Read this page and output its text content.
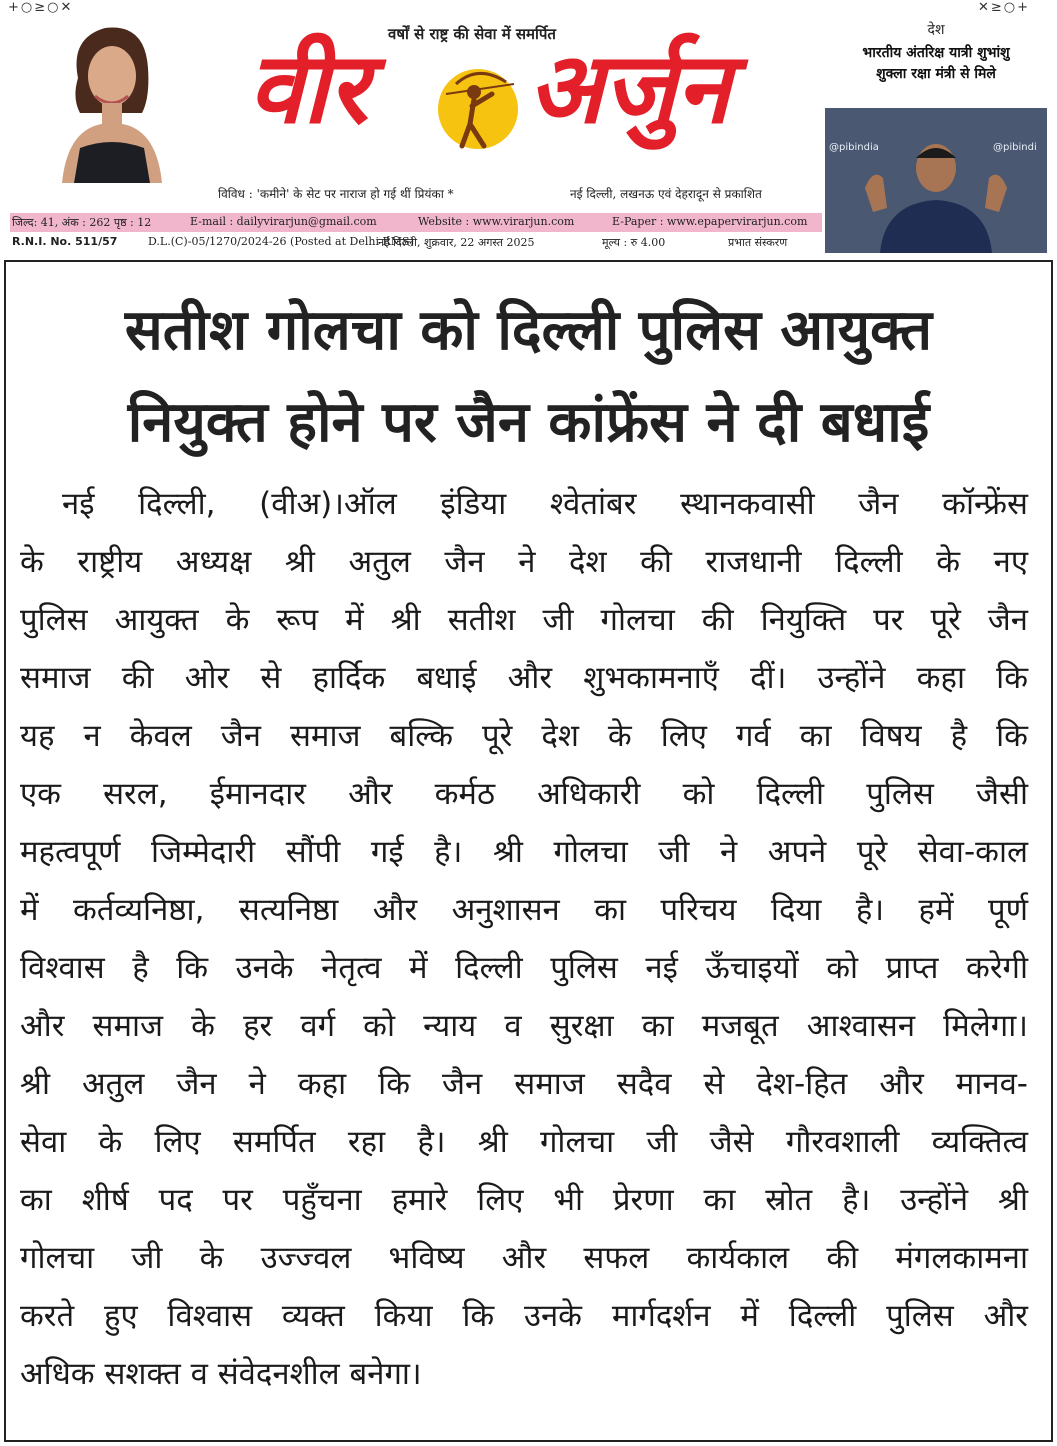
+○≥○✕	✕≥○+
वर्षों से राष्ट्र की सेवा में समर्पित
वीर अर्जुन
विविध : 'कमीने' के सेट पर नाराज हो गई थीं प्रियंका *	नई दिल्ली, लखनऊ एवं देहरादून से प्रकाशित
देश
भारतीय अंतरिक्ष यात्री शुभांशु
शुक्ला रक्षा मंत्री से मिले
@pibindia	@pibindi
जिल्द: 41, अंक : 262 पृष्ठ : 12	E-mail : dailyvirarjun@gmail.com	Website : www.virarjun.com	E-Paper : www.epapervirarjun.com
R.N.I. No. 511/57	D.L.(C)-05/1270/2024-26 (Posted at Delhi RMS)
नई दिल्ली, शुक्रवार, 22 अगस्त 2025	मूल्य : रु 4.00	प्रभात संस्करण
सतीश गोलचा को दिल्ली पुलिस आयुक्त
नियुक्त होने पर जैन कांफ्रेंस ने दी बधाई
नई दिल्ली, (वीअ)।ऑल इंडिया श्वेतांबर स्थानकवासी जैन कॉन्फ्रेंस
के राष्ट्रीय अध्यक्ष श्री अतुल जैन ने देश की राजधानी दिल्ली के नए
पुलिस आयुक्त के रूप में श्री सतीश जी गोलचा की नियुक्ति पर पूरे जैन
समाज की ओर से हार्दिक बधाई और शुभकामनाएँ दीं। उन्होंने कहा कि
यह न केवल जैन समाज बल्कि पूरे देश के लिए गर्व का विषय है कि
एक सरल, ईमानदार और कर्मठ अधिकारी को दिल्ली पुलिस जैसी
महत्वपूर्ण जिम्मेदारी सौंपी गई है। श्री गोलचा जी ने अपने पूरे सेवा-काल
में कर्तव्यनिष्ठा, सत्यनिष्ठा और अनुशासन का परिचय दिया है। हमें पूर्ण
विश्वास है कि उनके नेतृत्व में दिल्ली पुलिस नई ऊँचाइयों को प्राप्त करेगी
और समाज के हर वर्ग को न्याय व सुरक्षा का मजबूत आश्वासन मिलेगा।
श्री अतुल जैन ने कहा कि जैन समाज सदैव से देश-हित और मानव-
सेवा के लिए समर्पित रहा है। श्री गोलचा जी जैसे गौरवशाली व्यक्तित्व
का शीर्ष पद पर पहुँचना हमारे लिए भी प्रेरणा का स्रोत है। उन्होंने श्री
गोलचा जी के उज्ज्वल भविष्य और सफल कार्यकाल की मंगलकामना
करते हुए विश्वास व्यक्त किया कि उनके मार्गदर्शन में दिल्ली पुलिस और
अधिक सशक्त व संवेदनशील बनेगा।
